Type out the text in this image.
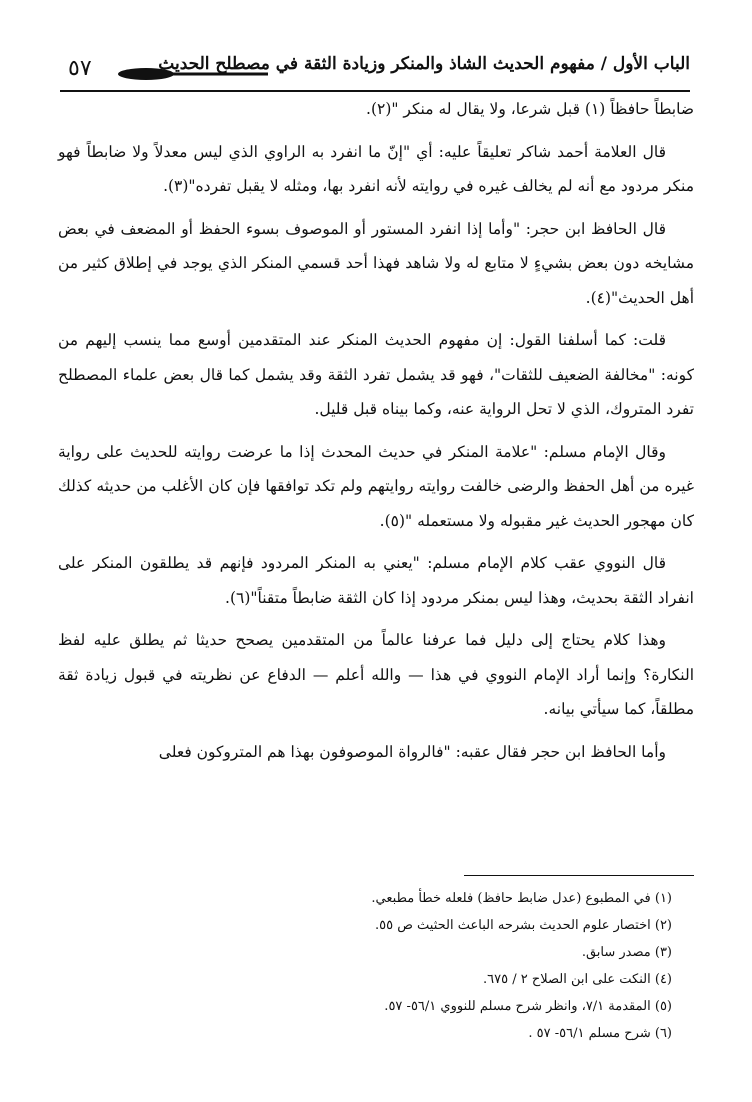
٥٧	الباب الأول / مفهوم الحديث الشاذ والمنكر وزيادة الثقة في مصطلح الحديث

ضابطاً حافظاً (١) قبل شرعا، ولا يقال له منكر "(٢).

قال العلامة أحمد شاكر تعليقاً عليه: أي "إنّ ما انفرد به الراوي الذي ليس معدلاً ولا ضابطاً فهو منكر مردود مع أنه لم يخالف غيره في روايته لأنه انفرد بها، ومثله لا يقبل تفرده"(٣).

قال الحافظ ابن حجر: "وأما إذا انفرد المستور أو الموصوف بسوء الحفظ أو المضعف في بعض مشايخه دون بعض بشيءٍ لا متابع له ولا شاهد فهذا أحد قسمي المنكر الذي يوجد في إطلاق كثير من أهل الحديث"(٤).

قلت: كما أسلفنا القول: إن مفهوم الحديث المنكر عند المتقدمين أوسع مما ينسب إليهم من كونه: "مخالفة الضعيف للثقات"، فهو قد يشمل تفرد الثقة وقد يشمل كما قال بعض علماء المصطلح تفرد المتروك، الذي لا تحل الرواية عنه، وكما بيناه قبل قليل.

وقال الإمام مسلم: "علامة المنكر في حديث المحدث إذا ما عرضت روايته للحديث على رواية غيره من أهل الحفظ والرضى خالفت روايته روايتهم ولم تكد توافقها فإن كان الأغلب من حديثه كذلك كان مهجور الحديث غير مقبوله ولا مستعمله "(٥).

قال النووي عقب كلام الإمام مسلم: "يعني به المنكر المردود فإنهم قد يطلقون المنكر على انفراد الثقة بحديث، وهذا ليس بمنكر مردود إذا كان الثقة ضابطاً متقناً"(٦).

وهذا كلام يحتاج إلى دليل فما عرفنا عالماً من المتقدمين يصحح حديثا ثم يطلق عليه لفظ النكارة؟ وإنما أراد الإمام النووي في هذا — والله أعلم — الدفاع عن نظريته في قبول زيادة ثقة مطلقاً، كما سيأتي بيانه.

وأما الحافظ ابن حجر فقال عقبه: "فالرواة الموصوفون بهذا هم المتروكون فعلى

(١) في المطبوع (عدل ضابط حافظ) فلعله خطأ مطبعي.
(٢) اختصار علوم الحديث بشرحه الباعث الحثيث ص ٥٥.
(٣) مصدر سابق.
(٤) النكت على ابن الصلاح ٢ / ٦٧٥.
(٥) المقدمة ٧/١، وانظر شرح مسلم للنووي ٥٦/١- ٥٧.
(٦) شرح مسلم ٥٦/١- ٥٧ .
